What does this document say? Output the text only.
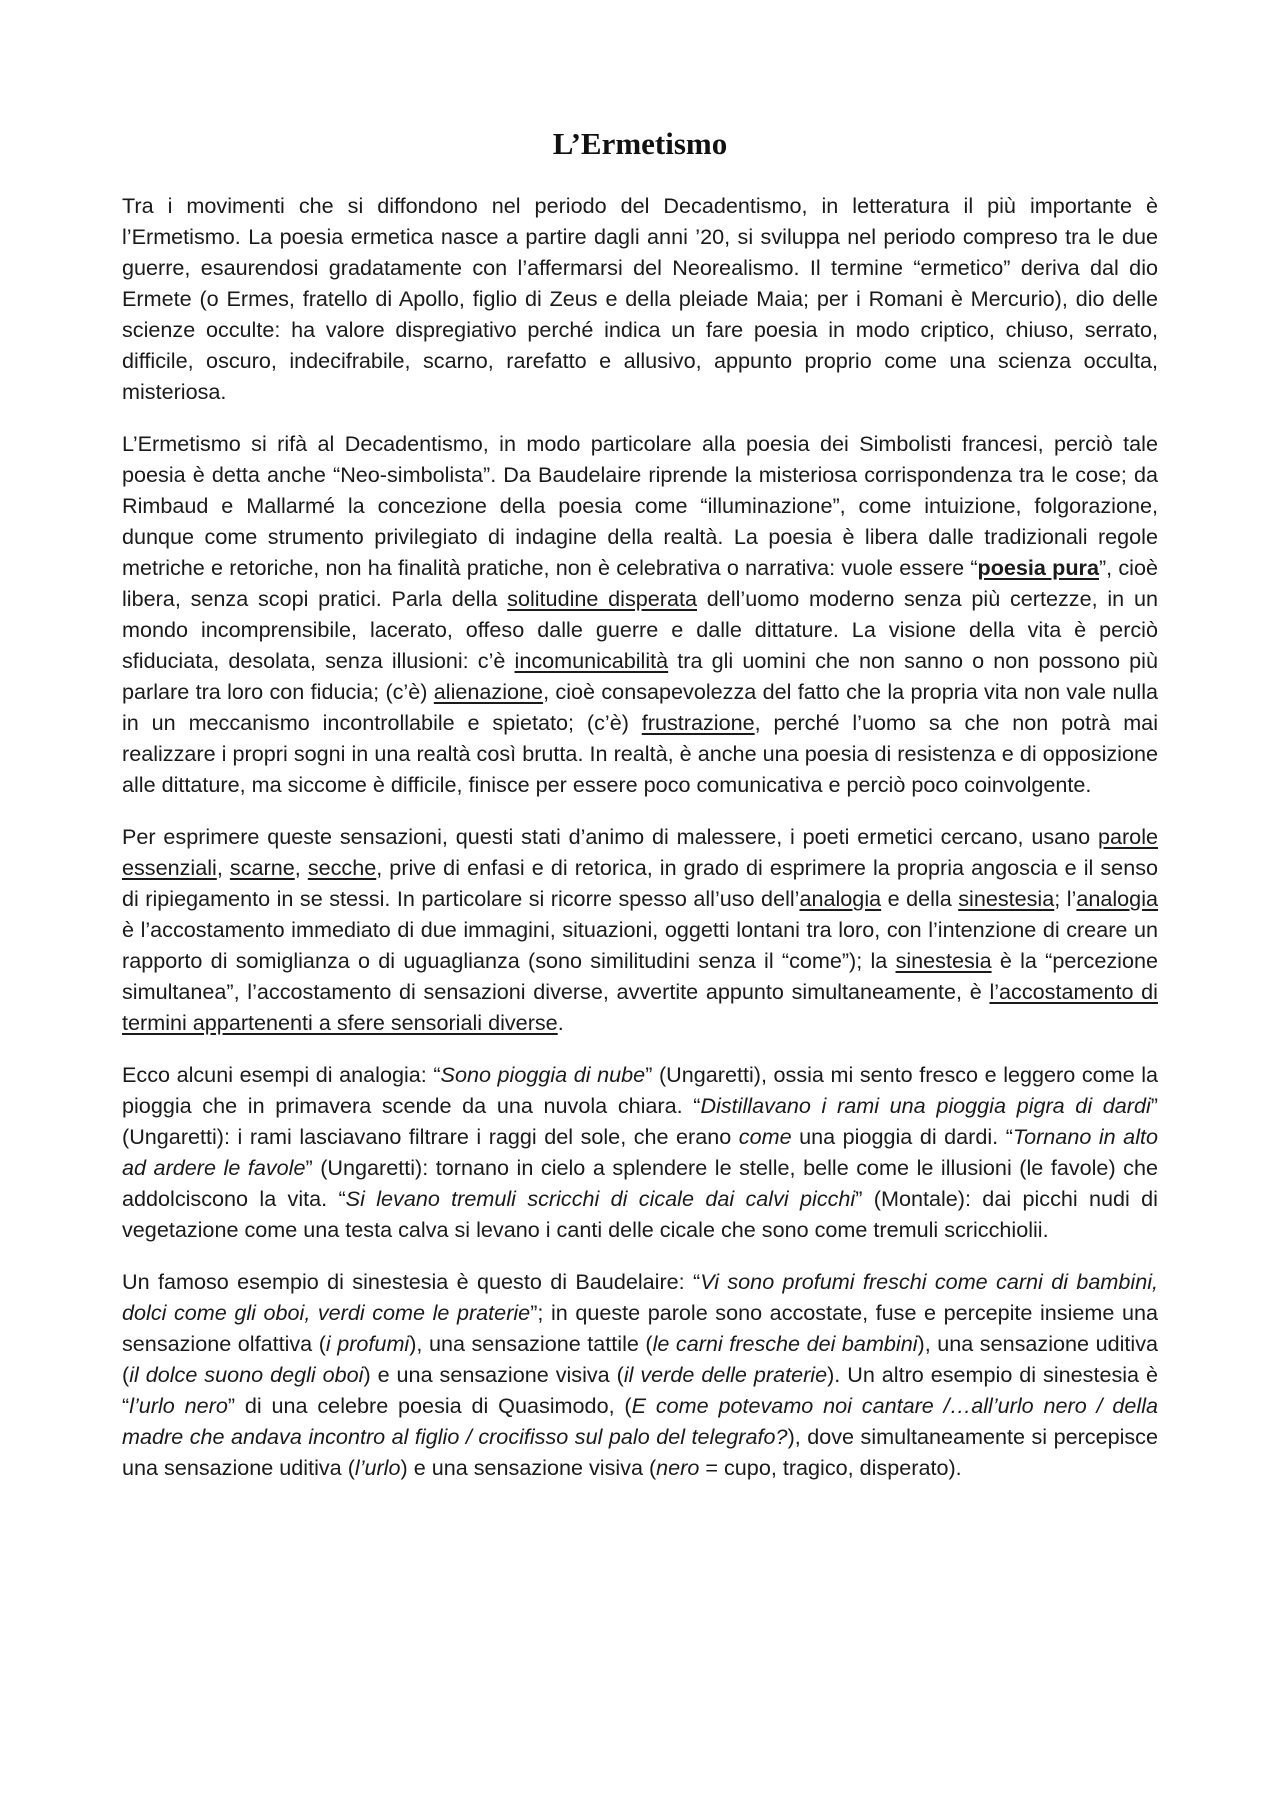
L’Ermetismo

Tra i movimenti che si diffondono nel periodo del Decadentismo, in letteratura il più importante è l’Ermetismo. La poesia ermetica nasce a partire dagli anni ’20, si sviluppa nel periodo compreso tra le due guerre, esaurendosi gradatamente con l’affermarsi del Neorealismo. Il termine “ermetico” deriva dal dio Ermete (o Ermes, fratello di Apollo, figlio di Zeus e della pleiade Maia; per i Romani è Mercurio), dio delle scienze occulte: ha valore dispregiativo perché indica un fare poesia in modo criptico, chiuso, serrato, difficile, oscuro, indecifrabile, scarno, rarefatto e allusivo, appunto proprio come una scienza occulta, misteriosa.

L’Ermetismo si rifà al Decadentismo, in modo particolare alla poesia dei Simbolisti francesi, perciò tale poesia è detta anche “Neo-simbolista”. Da Baudelaire riprende la misteriosa corrispondenza tra le cose; da Rimbaud e Mallarmé la concezione della poesia come “illuminazione”, come intuizione, folgorazione, dunque come strumento privilegiato di indagine della realtà. La poesia è libera dalle tradizionali regole metriche e retoriche, non ha finalità pratiche, non è celebrativa o narrativa: vuole essere “poesia pura”, cioè libera, senza scopi pratici. Parla della solitudine disperata dell’uomo moderno senza più certezze, in un mondo incomprensibile, lacerato, offeso dalle guerre e dalle dittature. La visione della vita è perciò sfiduciata, desolata, senza illusioni: c’è incomunicabilità tra gli uomini che non sanno o non possono più parlare tra loro con fiducia; (c’è) alienazione, cioè consapevolezza del fatto che la propria vita non vale nulla in un meccanismo incontrollabile e spietato; (c’è) frustrazione, perché l’uomo sa che non potrà mai realizzare i propri sogni in una realtà così brutta. In realtà, è anche una poesia di resistenza e di opposizione alle dittature, ma siccome è difficile, finisce per essere poco comunicativa e perciò poco coinvolgente.

Per esprimere queste sensazioni, questi stati d’animo di malessere, i poeti ermetici cercano, usano parole essenziali, scarne, secche, prive di enfasi e di retorica, in grado di esprimere la propria angoscia e il senso di ripiegamento in se stessi. In particolare si ricorre spesso all’uso dell’analogia e della sinestesia; l’analogia è l’accostamento immediato di due immagini, situazioni, oggetti lontani tra loro, con l’intenzione di creare un rapporto di somiglianza o di uguaglianza (sono similitudini senza il “come”); la sinestesia è la “percezione simultanea”, l’accostamento di sensazioni diverse, avvertite appunto simultaneamente, è l’accostamento di termini appartenenti a sfere sensoriali diverse.

Ecco alcuni esempi di analogia: “Sono pioggia di nube” (Ungaretti), ossia mi sento fresco e leggero come la pioggia che in primavera scende da una nuvola chiara. “Distillavano i rami una pioggia pigra di dardi” (Ungaretti): i rami lasciavano filtrare i raggi del sole, che erano come una pioggia di dardi. “Tornano in alto ad ardere le favole” (Ungaretti): tornano in cielo a splendere le stelle, belle come le illusioni (le favole) che addolciscono la vita. “Si levano tremuli scricchi di cicale dai calvi picchi” (Montale): dai picchi nudi di vegetazione come una testa calva si levano i canti delle cicale che sono come tremuli scricchiolii.

Un famoso esempio di sinestesia è questo di Baudelaire: “Vi sono profumi freschi come carni di bambini, dolci come gli oboi, verdi come le praterie”; in queste parole sono accostate, fuse e percepite insieme una sensazione olfattiva (i profumi), una sensazione tattile (le carni fresche dei bambini), una sensazione uditiva (il dolce suono degli oboi) e una sensazione visiva (il verde delle praterie). Un altro esempio di sinestesia è “l’urlo nero” di una celebre poesia di Quasimodo, (E come potevamo noi cantare /…all’urlo nero / della madre che andava incontro al figlio / crocifisso sul palo del telegrafo?), dove simultaneamente si percepisce una sensazione uditiva (l’urlo) e una sensazione visiva (nero = cupo, tragico, disperato).
